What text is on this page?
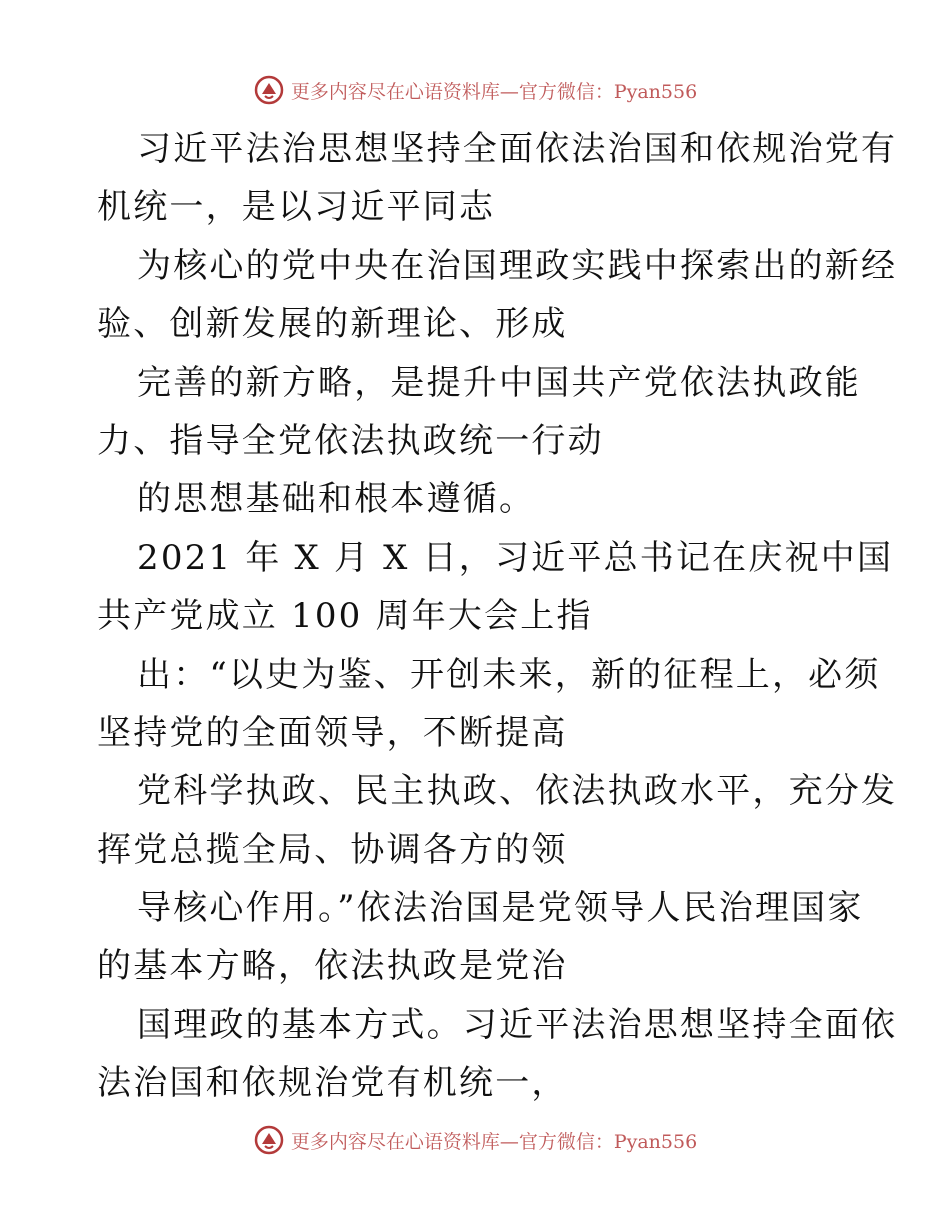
更多内容尽在心语资料库—官方微信：Pyan556
习近平法治思想坚持全面依法治国和依规治党有
机统一，是以习近平同志
为核心的党中央在治国理政实践中探索出的新经
验、创新发展的新理论、形成
完善的新方略，是提升中国共产党依法执政能
力、指导全党依法执政统一行动
的思想基础和根本遵循。
2021 年 X 月 X 日，习近平总书记在庆祝中国
共产党成立 100 周年大会上指
出：“以史为鉴、开创未来，新的征程上，必须
坚持党的全面领导，不断提高
党科学执政、民主执政、依法执政水平，充分发
挥党总揽全局、协调各方的领
导核心作用。”依法治国是党领导人民治理国家
的基本方略，依法执政是党治
国理政的基本方式。习近平法治思想坚持全面依
法治国和依规治党有机统一，
更多内容尽在心语资料库—官方微信：Pyan556
